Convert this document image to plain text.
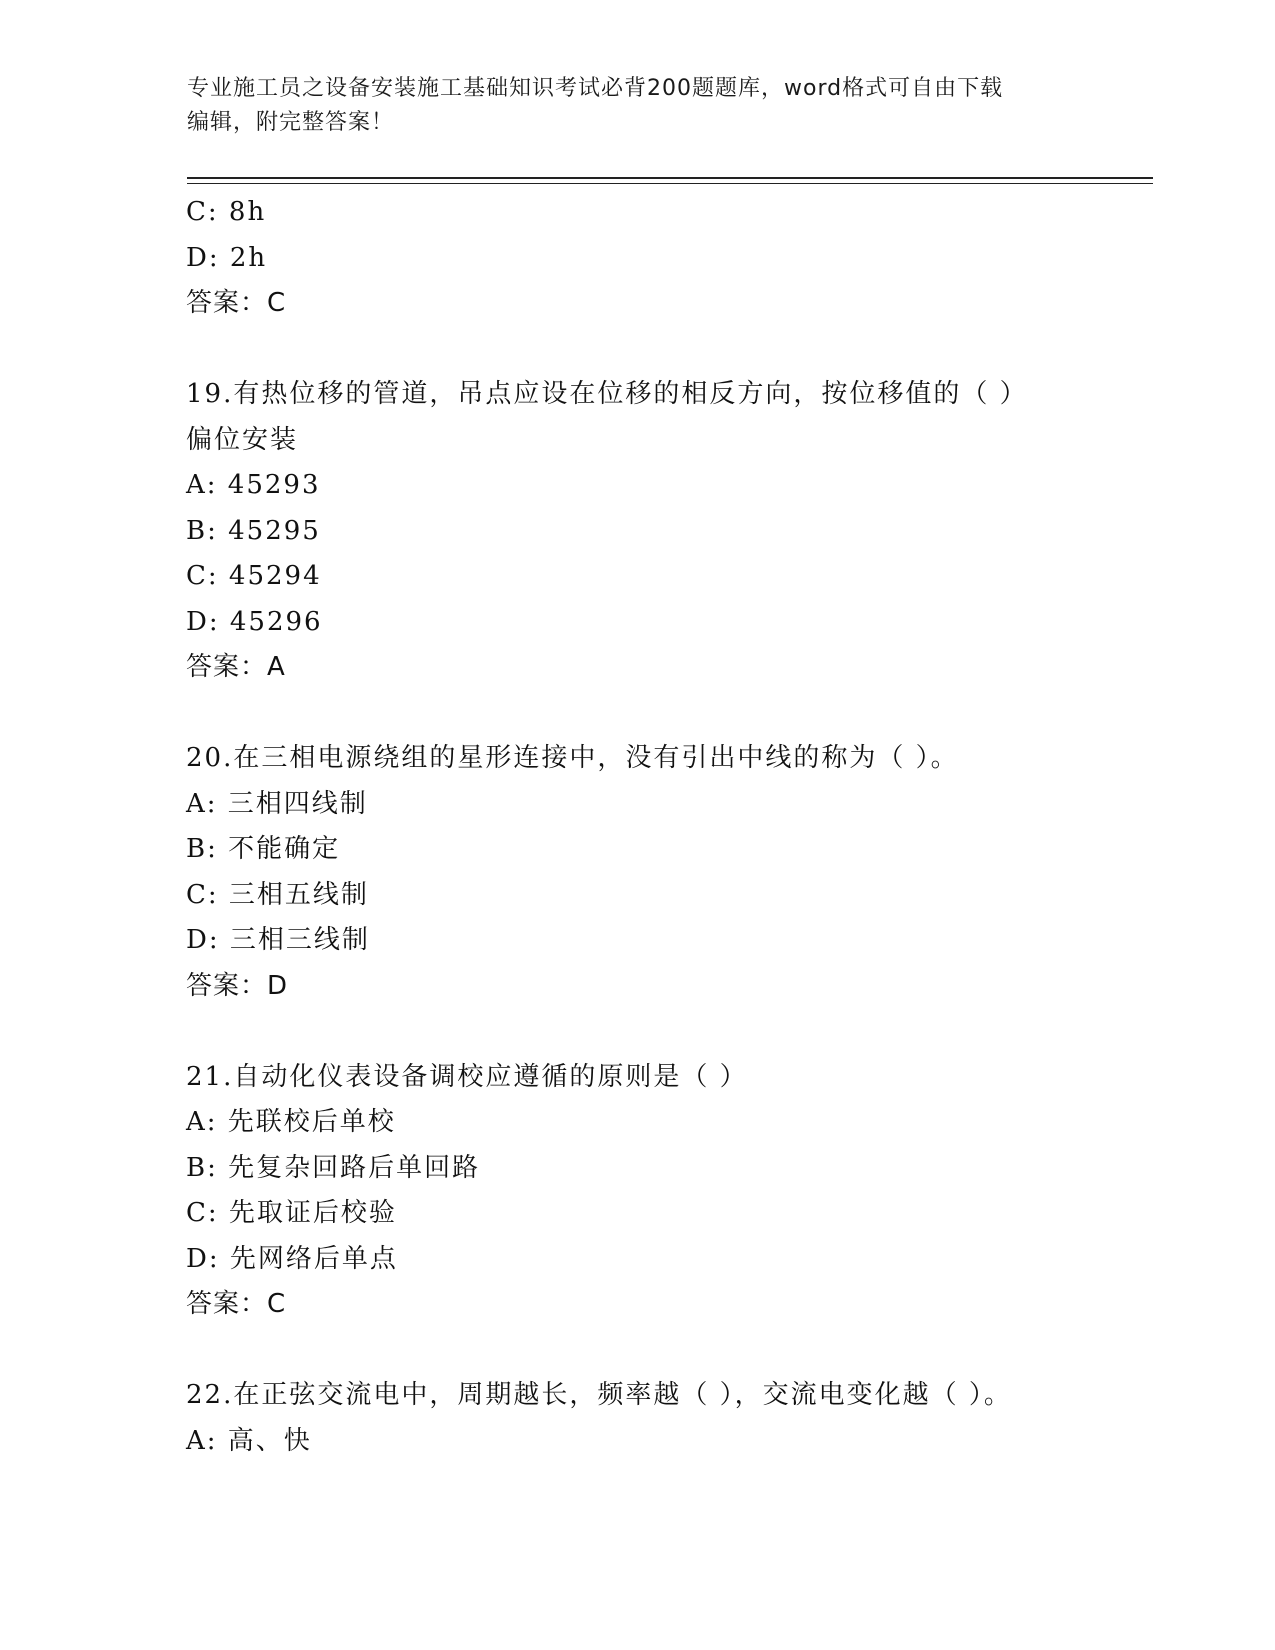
专业施工员之设备安装施工基础知识考试必背200题题库，word格式可自由下载
编辑，附完整答案！
C: 8h
D: 2h
答案：C
19.有热位移的管道，吊点应设在位移的相反方向，按位移值的（ ）
偏位安装
A: 45293
B: 45295
C: 45294
D: 45296
答案：A
20.在三相电源绕组的星形连接中，没有引出中线的称为（ ）。
A: 三相四线制
B: 不能确定
C: 三相五线制
D: 三相三线制
答案：D
21.自动化仪表设备调校应遵循的原则是（ ）
A: 先联校后单校
B: 先复杂回路后单回路
C: 先取证后校验
D: 先网络后单点
答案：C
22.在正弦交流电中，周期越长，频率越（ ），交流电变化越（ ）。
A: 高、快
